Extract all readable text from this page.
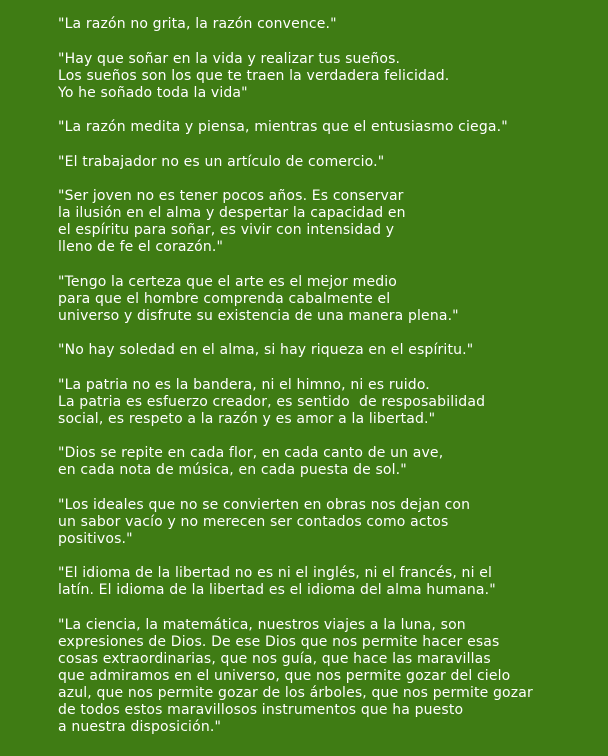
"La razón no grita, la razón convence."

"Hay que soñar en la vida y realizar tus sueños.
Los sueños son los que te traen la verdadera felicidad.
Yo he soñado toda la vida"

"La razón medita y piensa, mientras que el entusiasmo ciega."

"El trabajador no es un artículo de comercio."

"Ser joven no es tener pocos años. Es conservar
la ilusión en el alma y despertar la capacidad en
el espíritu para soñar, es vivir con intensidad y
lleno de fe el corazón."

"Tengo la certeza que el arte es el mejor medio
para que el hombre comprenda cabalmente el
universo y disfrute su existencia de una manera plena."

"No hay soledad en el alma, si hay riqueza en el espíritu."

"La patria no es la bandera, ni el himno, ni es ruido.
La patria es esfuerzo creador, es sentido  de resposabilidad
social, es respeto a la razón y es amor a la libertad."

"Dios se repite en cada flor, en cada canto de un ave,
en cada nota de música, en cada puesta de sol."

"Los ideales que no se convierten en obras nos dejan con
un sabor vacío y no merecen ser contados como actos
positivos."

"El idioma de la libertad no es ni el inglés, ni el francés, ni el
latín. El idioma de la libertad es el idioma del alma humana."

"La ciencia, la matemática, nuestros viajes a la luna, son
expresiones de Dios. De ese Dios que nos permite hacer esas
cosas extraordinarias, que nos guía, que hace las maravillas
que admiramos en el universo, que nos permite gozar del cielo
azul, que nos permite gozar de los árboles, que nos permite gozar
de todos estos maravillosos instrumentos que ha puesto
a nuestra disposición."
